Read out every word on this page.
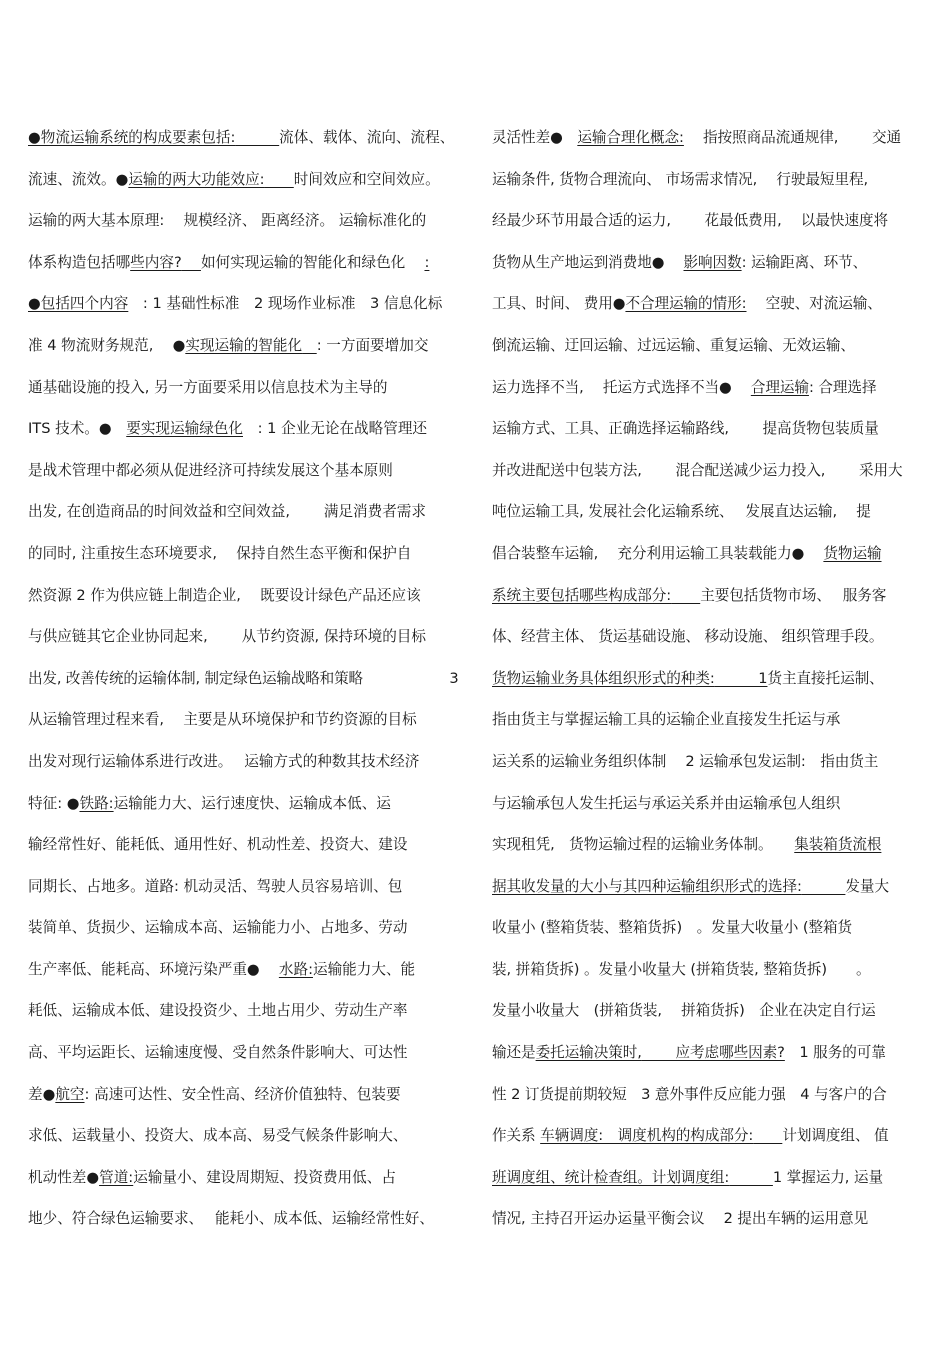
●物流运输系统的构成要素包括:　　　	流体、载体、流向、流程、
流速、流效。●运输的两大功能效应:　　 时间效应和空间效应。
运输的两大基本原理:　 规模经济、 距离经济。 运输标准化的
体系构造包括哪些内容?　 如何实现运输的智能化和绿色化　 :
●包括四个内容　: 1 基础性标准　2 现场作业标准　3 信息化标
准 4 物流财务规范,　 ●实现运输的智能化　 : 一方面要增加交
通基础设施的投入, 另一方面要采用以信息技术为主导的
ITS 技术。●　要实现运输绿色化　: 1 企业无论在战略管理还
是战术管理中都必须从促进经济可持续发展这个基本原则
出发, 在创造商品的时间效益和空间效益,　　 满足消费者需求
的同时, 注重按生态环境要求,　 保持自然生态平衡和保护自
然资源 2 作为供应链上制造企业,　 既要设计绿色产品还应该
与供应链其它企业协同起来,　　 从节约资源, 保持环境的目标
出发, 改善传统的运输体制, 制定绿色运输战略和策略　　　　　　3
从运输管理过程来看,　 主要是从环境保护和节约资源的目标
出发对现行运输体系进行改进。　 运输方式的种数其技术经济
特征: ●铁路:运输能力大、运行速度快、运输成本低、运
输经常性好、能耗低、通用性好、机动性差、投资大、建设
同期长、占地多。道路: 机动灵活、驾驶人员容易培训、包
装简单、货损少、运输成本高、运输能力小、占地多、劳动
生产率低、能耗高、环境污染严重●　 水路:运输能力大、能
耗低、运输成本低、建设投资少、土地占用少、劳动生产率
高、平均运距长、运输速度慢、受自然条件影响大、可达性
差●航空: 高速可达性、安全性高、经济价值独特、包装要
求低、运载量小、投资大、成本高、易受气候条件影响大、
机动性差●管道:运输量小、建设周期短、投资费用低、占
地少、符合绿色运输要求、　 能耗小、成本低、运输经常性好、
灵活性差●　运输合理化概念:　 指按照商品流通规律,　　 交通
运输条件, 货物合理流向、 市场需求情况,　 行驶最短里程,
经最少环节用最合适的运力,　　 花最低费用,　 以最快速度将
货物从生产地运到消费地●　 影响因数: 运输距离、环节、
工具、时间、 费用●不合理运输的情形:　 空驶、对流运输、
倒流运输、迂回运输、过远运输、重复运输、无效运输、
运力选择不当,　 托运方式选择不当●　 合理运输: 合理选择
运输方式、工具、正确选择运输路线,　　 提高货物包装质量
并改进配送中包装方法,　　 混合配送减少运力投入,　　 采用大
吨位运输工具, 发展社会化运输系统、　 发展直达运输,　 提
倡合装整车运输,　 充分利用运输工具装载能力●　 货物运输
系统主要包括哪些构成部分:　　 主要包括货物市场、　 服务客
体、经营主体、 货运基础设施、 移动设施、 组织管理手段。
货物运输业务具体组织形式的种类:　　　1货主直接托运制、
指由货主与掌握运输工具的运输企业直接发生托运与承
运关系的运输业务组织体制　 2 运输承包发运制:　指由货主
与运输承包人发生托运与承运关系并由运输承包人组织
实现租凭,　货物运输过程的运输业务体制。　　集装箱货流根
据其收发量的大小与其四种运输组织形式的选择:　　　	发量大
收量小 (整箱货装、整箱货拆)　。发量大收量小 (整箱货
装, 拼箱货拆) 。发量小收量大 (拼箱货装, 整箱货拆)　　。
发量小收量大　(拼箱货装,　 拼箱货拆)　企业在决定自行运
输还是委托运输决策时,　　 应考虑哪些因素?　1 服务的可靠
性 2 订货提前期较短　3 意外事件反应能力强　4 与客户的合
作关系 车辆调度:　调度机构的构成部分:　　 计划调度组、 值
班调度组、统计检查组。计划调度组:　　　	1 掌握运力, 运量
情况, 主持召开运办运量平衡会议　 2 提出车辆的运用意见
